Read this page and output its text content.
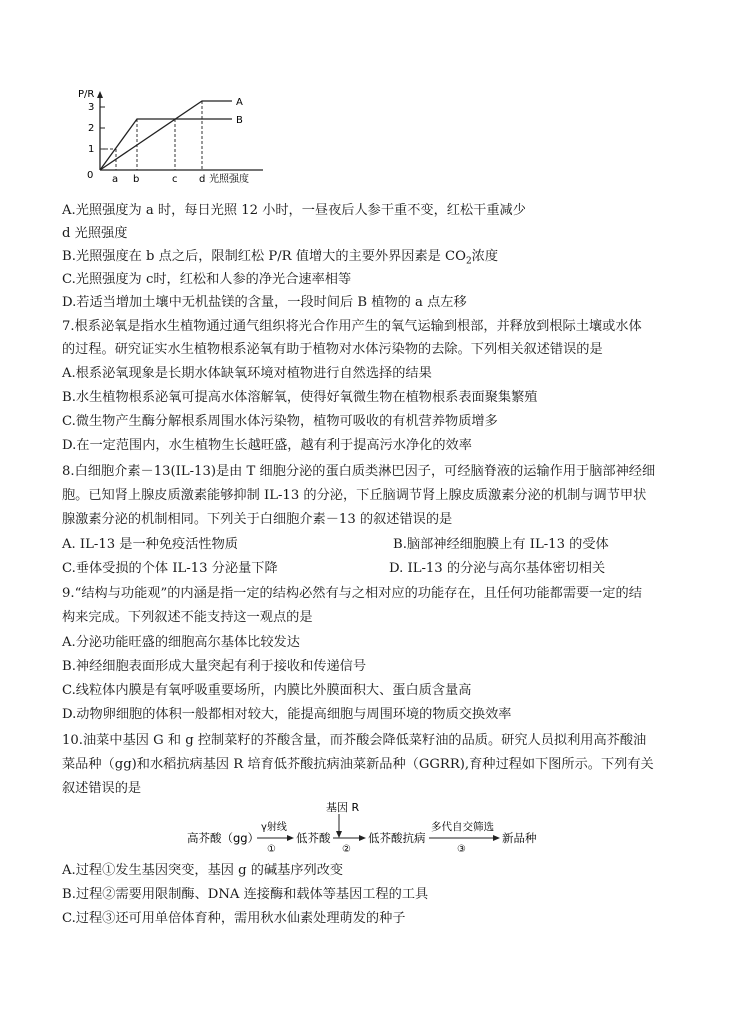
P/R
3
2
1
0
A
B
a b	c d 光照强度
A.光照强度为 a 时，每日光照 12 小时，一昼夜后人参干重不变，红松干重减少
d 光照强度
B.光照强度在 b 点之后，限制红松 P/R 值增大的主要外界因素是 $CO_2$浓度
C.光照强度为 c时，红松和人参的净光合速率相等
D.若适当增加土壤中无机盐镁的含量，一段时间后 B 植物的 a 点左移
7.根系泌氧是指水生植物通过通气组织将光合作用产生的氧气运输到根部，并释放到根际土壤或水体
的过程。研究证实水生植物根系泌氧有助于植物对水体污染物的去除。下列相关叙述错误的是
A.根系泌氧现象是长期水体缺氧环境对植物进行自然选择的结果
B.水生植物根系泌氧可提高水体溶解氧，使得好氧微生物在植物根系表面聚集繁殖
C.微生物产生酶分解根系周围水体污染物，植物可吸收的有机营养物质增多
D.在一定范围内，水生植物生长越旺盛，越有利于提高污水净化的效率
8.白细胞介素－13(IL-13)是由 T 细胞分泌的蛋白质类淋巴因子，可经脑脊液的运输作用于脑部神经细
胞。已知肾上腺皮质激素能够抑制 IL-13 的分泌，下丘脑调节肾上腺皮质激素分泌的机制与调节甲状
腺激素分泌的机制相同。下列关于白细胞介素－13 的叙述错误的是
A. IL-13 是一种免疫活性物质	B.脑部神经细胞膜上有 IL-13 的受体
C.垂体受损的个体 IL-13 分泌量下降	D. IL-13 的分泌与高尔基体密切相关
9.“结构与功能观”的内涵是指一定的结构必然有与之相对应的功能存在，且任何功能都需要一定的结
构来完成。下列叙述不能支持这一观点的是
A.分泌功能旺盛的细胞高尔基体比较发达
B.神经细胞表面形成大量突起有利于接收和传递信号
C.线粒体内膜是有氧呼吸重要场所，内膜比外膜面积大、蛋白质含量高
D.动物卵细胞的体积一般都相对较大，能提高细胞与周围环境的物质交换效率
10.油菜中基因 G 和 g 控制菜籽的芥酸含量，而芥酸会降低菜籽油的品质。研究人员拟利用高芥酸油
菜品种（gg)和水稻抗病基因 R 培育低芥酸抗病油菜新品种（GGRR),育种过程如下图所示。下列有关
叙述错误的是
基因 R
高芥酸（gg）
γ射线
①
低芥酸
②
低芥酸抗病
多代自交筛选
③
新品种
A.过程①发生基因突变，基因 g 的碱基序列改变
B.过程②需要用限制酶、DNA 连接酶和载体等基因工程的工具
C.过程③还可用单倍体育种，需用秋水仙素处理萌发的种子
